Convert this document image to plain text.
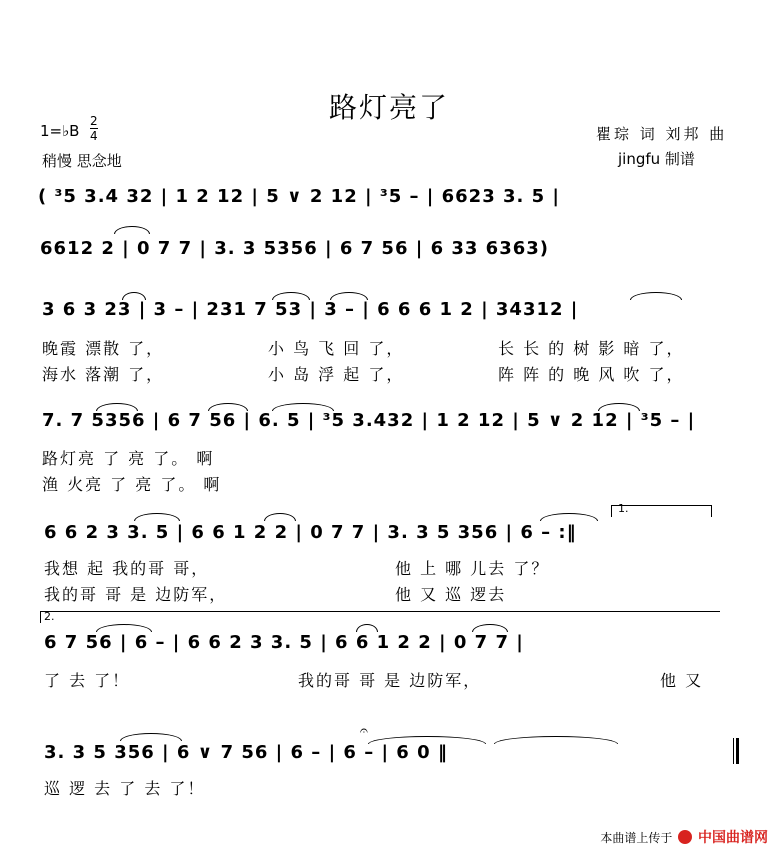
路灯亮了
1=♭B
2
4
稍慢 思念地
瞿琮 词 刘邦 曲
jingfu 制谱
( ³5 3.4 32 | 1 2 12 | 5 ∨ 2 12 | ³5 – | 6623 3. 5 |
6612 2 | 0 7 7 | 3. 3 5356 | 6 7 56 | 6 33 6363)
3 6 3 23 | 3 – | 231 7 53 | 3 – | 6 6 6 1 2 | 34312 |
晚霞 漂散 了，	小 鸟 飞 回 了，	长 长 的 树 影 暗 了，
海水 落潮 了，	小 岛 浮 起 了，	阵 阵 的 晚 风 吹 了，
7. 7 5356 | 6 7 56 | 6. 5 | ³5 3.432 | 1 2 12 | 5 ∨ 2 12 | ³5 – |
路灯亮 了 亮 了。 啊
渔 火亮 了 亮 了。 啊
1.
6 6 2 3 3. 5 | 6 6 1 2 2 | 0 7 7 | 3. 3 5 356 | 6 – :‖
我想 起 我的哥 哥，	他 上 哪 儿去 了？
我的哥 哥 是 边防军，	他 又 巡 逻去
2.
6 7 56 | 6 – | 6 6 2 3 3. 5 | 6 6 1 2 2 | 0 7 7 |
了 去 了！	我的哥 哥 是 边防军，	他 又
𝄐
3. 3 5 356 | 6 ∨ 7 56 | 6 – | 6 – | 6 0 ‖
巡 逻 去 了 去 了！
本曲谱上传于 中国曲谱网
